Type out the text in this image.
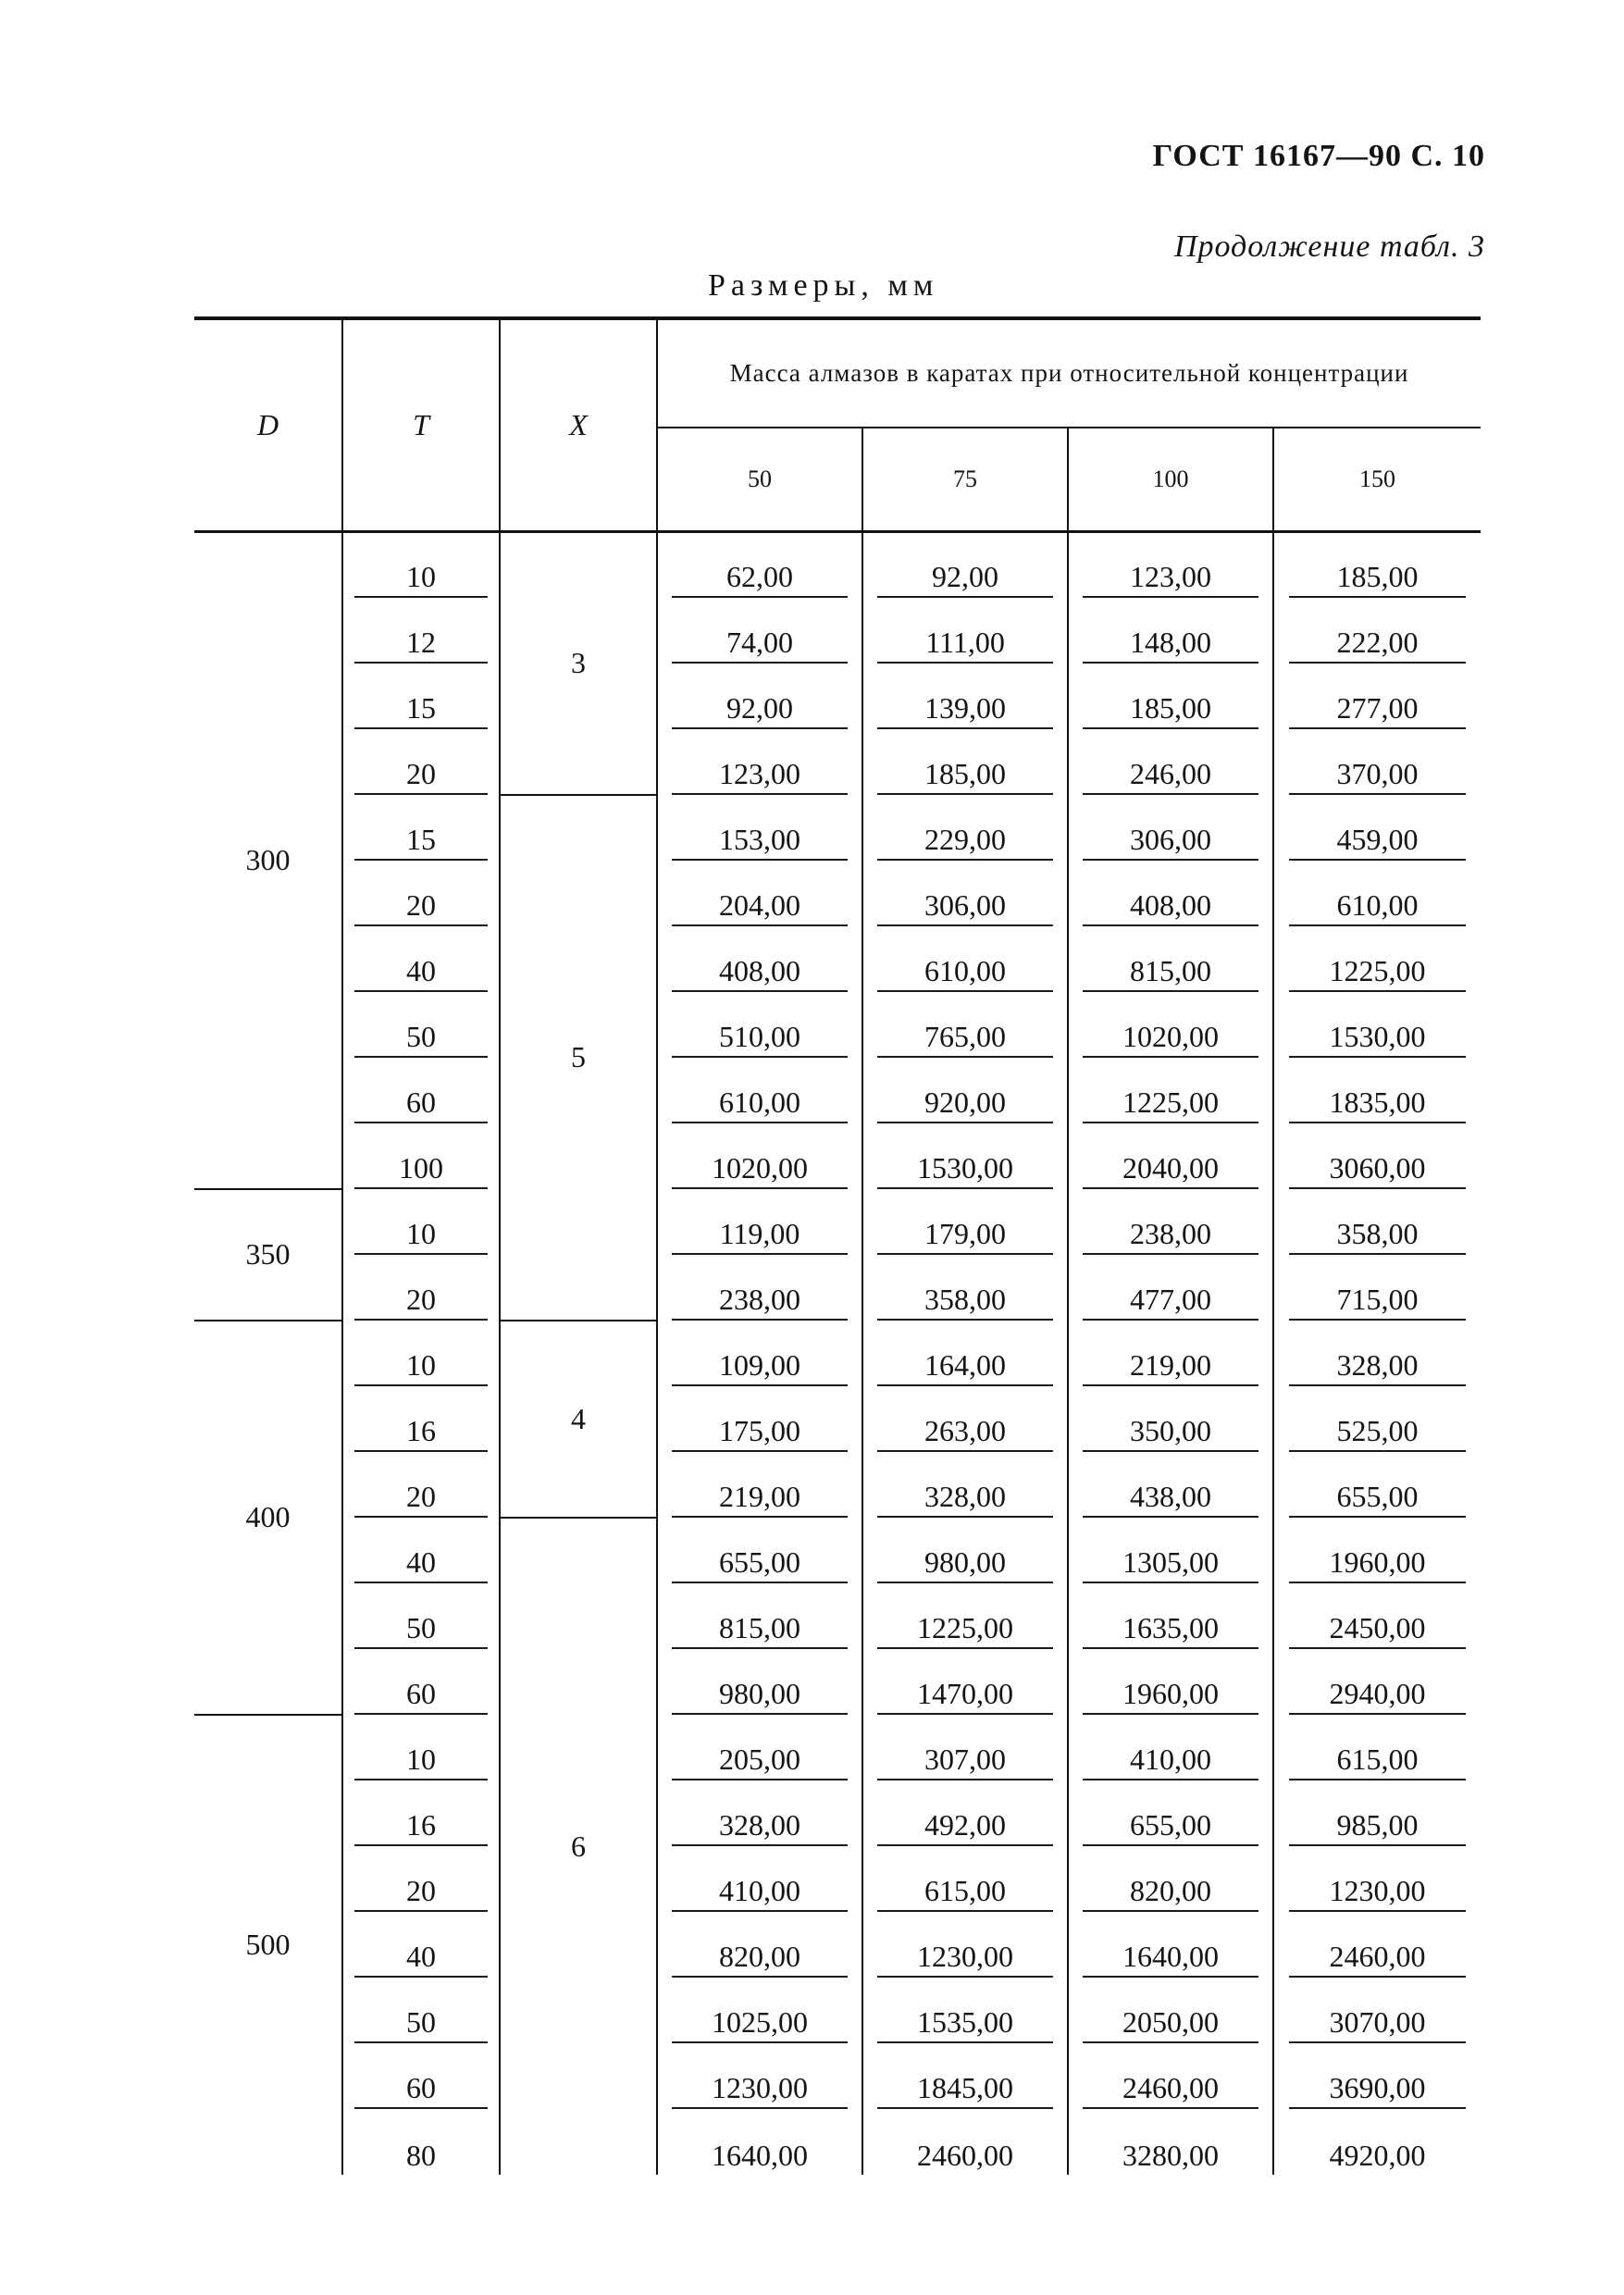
ГОСТ 16167—90 С. 10
Продолжение табл. 3
Размеры, мм
D	T	X	Масса алмазов в каратах при относительной концентрации			
			50	75	100	150
300	10	3	62,00	92,00	123,00	185,00
	12		74,00	111,00	148,00	222,00
	15		92,00	139,00	185,00	277,00
	20		123,00	185,00	246,00	370,00
	15	5	153,00	229,00	306,00	459,00
	20		204,00	306,00	408,00	610,00
	40		408,00	610,00	815,00	1225,00
	50		510,00	765,00	1020,00	1530,00
	60		610,00	920,00	1225,00	1835,00
	100		1020,00	1530,00	2040,00	3060,00
350	10		119,00	179,00	238,00	358,00
	20		238,00	358,00	477,00	715,00
400	10	4	109,00	164,00	219,00	328,00
	16		175,00	263,00	350,00	525,00
	20		219,00	328,00	438,00	655,00
	40	6	655,00	980,00	1305,00	1960,00
	50		815,00	1225,00	1635,00	2450,00
	60		980,00	1470,00	1960,00	2940,00
500	10		205,00	307,00	410,00	615,00
	16		328,00	492,00	655,00	985,00
	20		410,00	615,00	820,00	1230,00
	40		820,00	1230,00	1640,00	2460,00
	50		1025,00	1535,00	2050,00	3070,00
	60		1230,00	1845,00	2460,00	3690,00
	80		1640,00	2460,00	3280,00	4920,00
